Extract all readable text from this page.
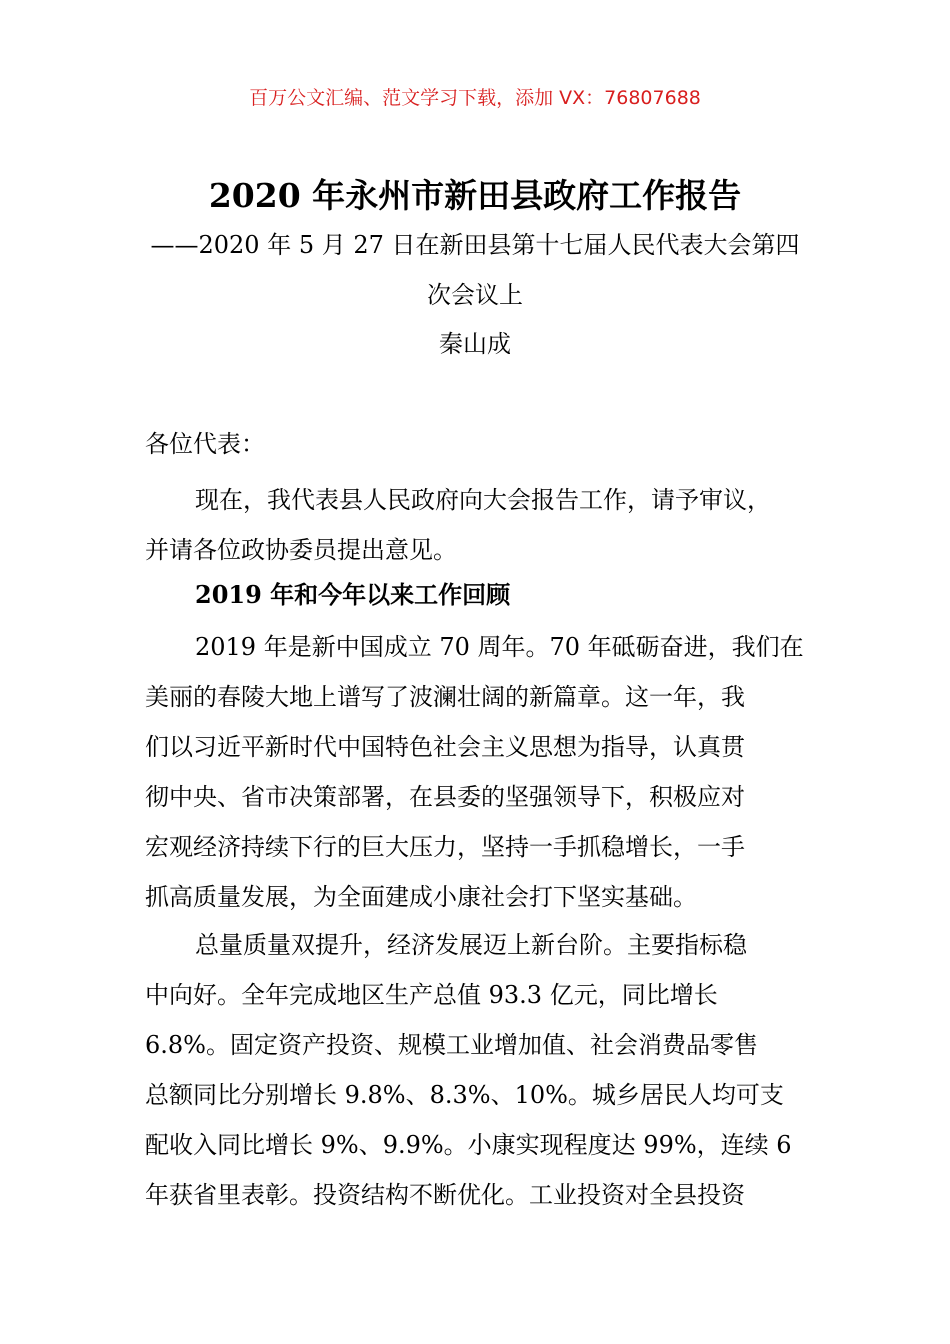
百万公文汇编、范文学习下载，添加 VX：76807688
2020 年永州市新田县政府工作报告
——2020 年 5 月 27 日在新田县第十七届人民代表大会第四
次会议上
秦山成
各位代表：
现在，我代表县人民政府向大会报告工作，请予审议，
并请各位政协委员提出意见。
2019 年和今年以来工作回顾
2019 年是新中国成立 70 周年。70 年砥砺奋进，我们在
美丽的春陵大地上谱写了波澜壮阔的新篇章。这一年，我
们以习近平新时代中国特色社会主义思想为指导，认真贯
彻中央、省市决策部署，在县委的坚强领导下，积极应对
宏观经济持续下行的巨大压力，坚持一手抓稳增长，一手
抓高质量发展，为全面建成小康社会打下坚实基础。
总量质量双提升，经济发展迈上新台阶。主要指标稳
中向好。全年完成地区生产总值 93.3 亿元，同比增长
6.8%。固定资产投资、规模工业增加值、社会消费品零售
总额同比分别增长 9.8%、8.3%、10%。城乡居民人均可支
配收入同比增长 9%、9.9%。小康实现程度达 99%，连续 6
年获省里表彰。投资结构不断优化。工业投资对全县投资
